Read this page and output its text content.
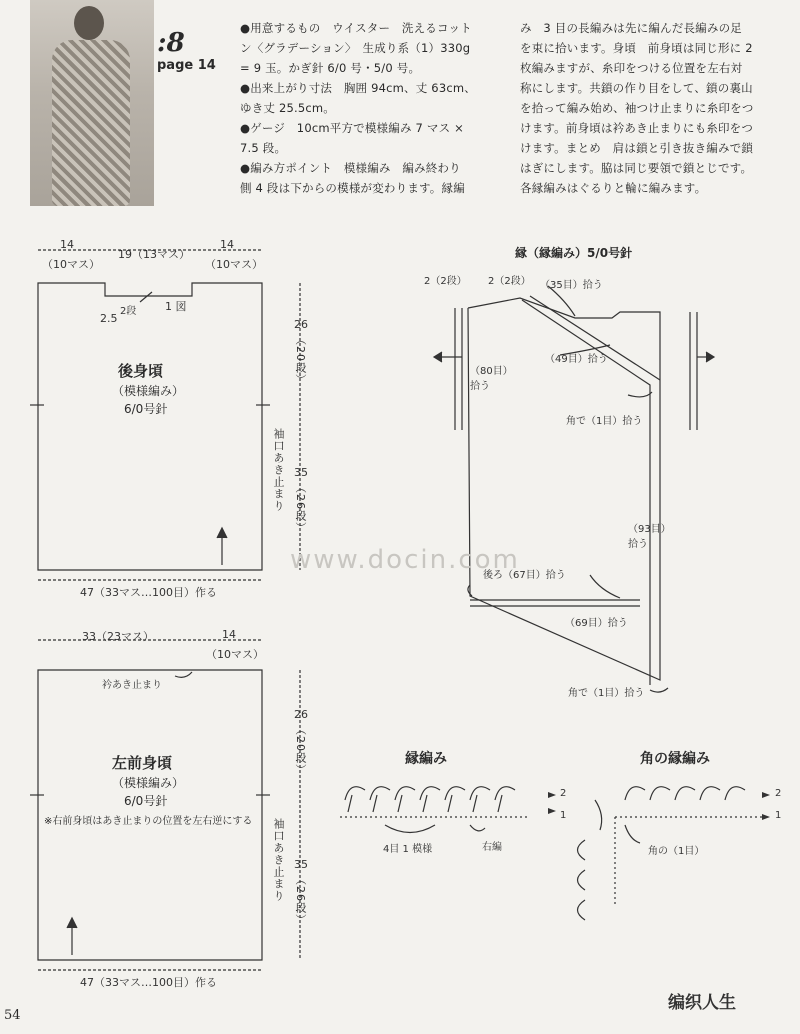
:8
page 14

●用意するもの　ウイスター　洗えるコット

ン〈グラデーション〉　生成り系（1）330g

= 9 玉。かぎ針 6/0 号・5/0 号。

●出来上がり寸法　胸囲 94cm、丈 63cm、

ゆき丈 25.5cm。

●ゲージ　10cm平方で模様編み 7 マス ×

7.5 段。

●編み方ポイント　模様編み　編み終わり

側 4 段は下からの模様が変わります。縁編

み　3 目の長編みは先に編んだ長編みの足

を束に拾います。身頃　前身頃は同じ形に 2

枚編みますが、糸印をつける位置を左右対

称にします。共鎖の作り目をして、鎖の裏山

を拾って編み始め、袖つけ止まりに糸印をつ

けます。前身頃は衿あき止まりにも糸印をつ

けます。まとめ　肩は鎖と引き抜き編みで鎖

はぎにします。脇は同じ要領で鎖とじです。

各縁編みはぐるりと輪に編みます。

14
（10マス）
19（13マス）
14
（10マス）
2.5
2段	1 図
後身頃
（模様編み）
6/0号針
袖口あき止まり
26
（20段）
35
（26段）
47（33マス…100目）作る
33（23マス）	14
（10マス）
衿あき止まり
左前身頃
（模様編み）
6/0号針
※右前身頃はあき止まりの位置を左右逆にする 袖口あき止まり
26
（20段）
35
（26段）
47（33マス…100目）作る
縁（縁編み）5/0号針
2（2段） 2（2段） （35目）拾う
（49目）拾う
（80目）拾う
角で（1目）拾う
（93目）拾う
後ろ（67目）拾う
（69目）拾う
角で（1目）拾う
www.docin.com
縁編み	角の縁編み
2
1
2
1
4目 1 模様	右編	角の（1目）
54
编织人生
